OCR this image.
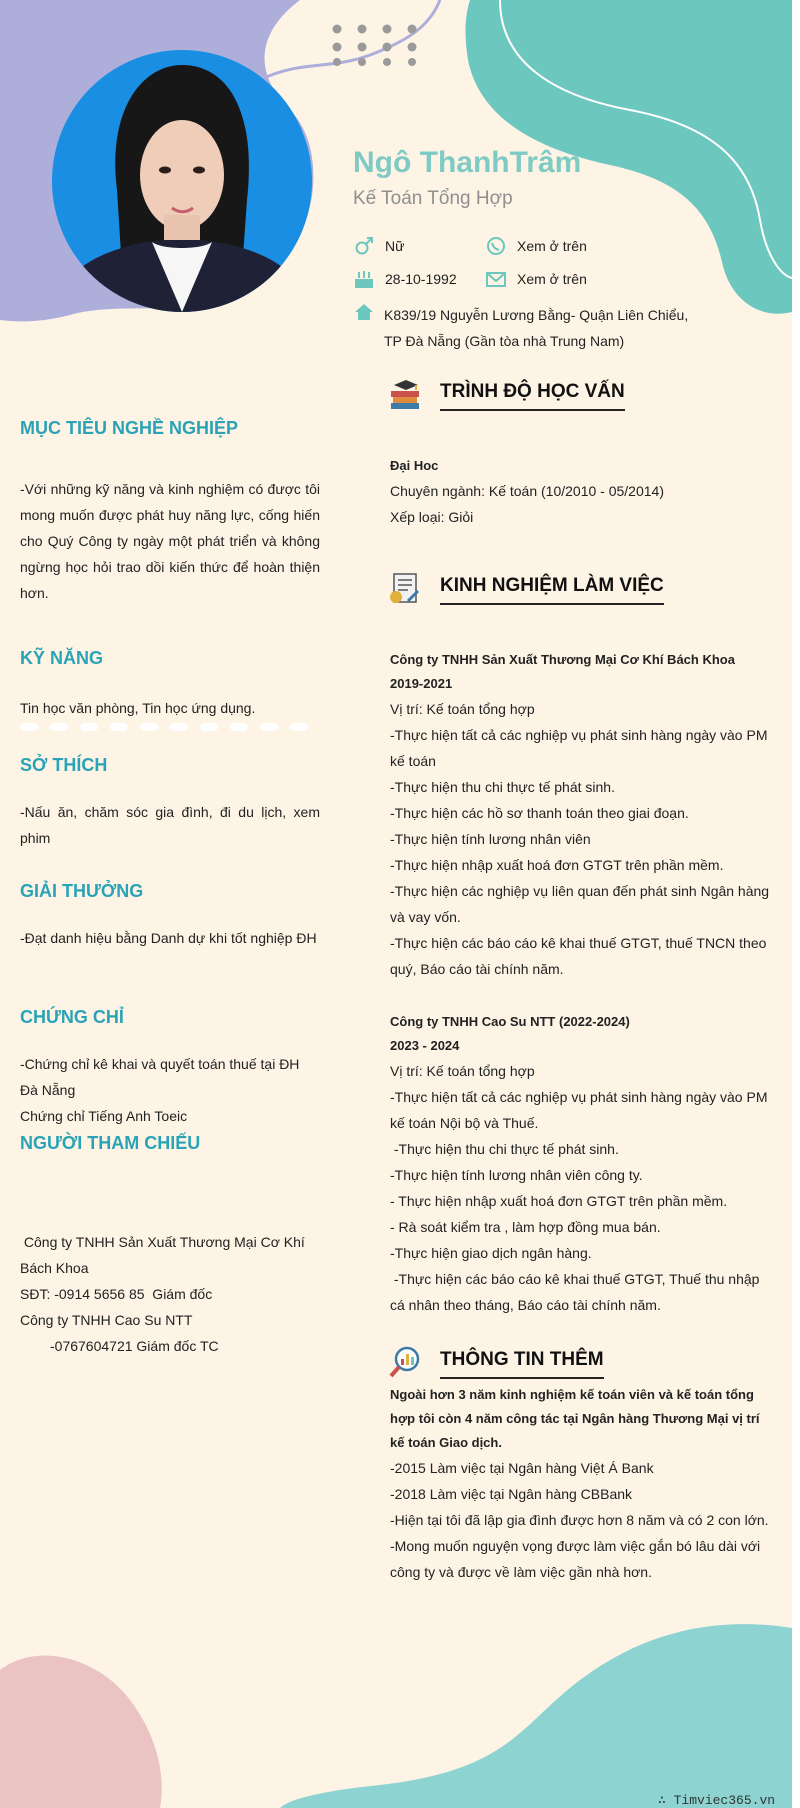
Ngô ThanhTrâm
Kế Toán Tổng Hợp
Nữ	Xem ở trên
28-10-1992	Xem ở trên
K839/19 Nguyễn Lương Bằng- Quận Liên Chiểu,
TP Đà Nẵng (Gần tòa nhà Trung Nam)
MỤC TIÊU NGHỀ NGHIỆP
-Với những kỹ năng và kinh nghiệm có được tôi mong muốn được phát huy năng lực, cống hiến cho Quý Công ty ngày một phát triển và không ngừng học hỏi trao dồi kiến thức để hoàn thiện hơn.
KỸ NĂNG
Tin học văn phòng, Tin học ứng dụng.
SỞ THÍCH
-Nấu ăn, chăm sóc gia đình, đi du lịch, xem phim
GIẢI THƯỞNG
-Đạt danh hiệu bằng Danh dự khi tốt nghiệp ĐH
CHỨNG CHỈ
-Chứng chỉ kê khai và quyết toán thuế tại ĐH Đà Nẵng
Chứng chỉ Tiếng Anh Toeic
NGƯỜI THAM CHIẾU
Công ty TNHH Sản Xuất Thương Mại Cơ Khí Bách Khoa
SĐT: -0914 5656 85  Giám đốc
Công ty TNHH Cao Su NTT
-0767604721 Giám đốc TC
TRÌNH ĐỘ HỌC VẤN
Đại Hoc
Chuyên ngành: Kế toán (10/2010 - 05/2014)
Xếp loại: Giỏi
KINH NGHIỆM LÀM VIỆC
Công ty TNHH Sản Xuất Thương Mại Cơ Khí Bách Khoa
2019-2021
Vị trí: Kế toán tổng hợp
-Thực hiện tất cả các nghiệp vụ phát sinh hàng ngày vào PM kế toán
-Thực hiện thu chi thực tế phát sinh.
-Thực hiện các hồ sơ thanh toán theo giai đoạn.
-Thực hiện tính lương nhân viên
-Thực hiện nhập xuất hoá đơn GTGT trên phần mềm.
-Thực hiện các nghiệp vụ liên quan đến phát sinh Ngân hàng và vay vốn.
-Thực hiện các báo cáo kê khai thuế GTGT, thuế TNCN theo quý, Báo cáo tài chính năm.
Công ty TNHH Cao Su NTT (2022-2024)
2023 - 2024
Vị trí: Kế toán tổng hợp
-Thực hiện tất cả các nghiệp vụ phát sinh hàng ngày vào PM kế toán Nội bộ và Thuế.
-Thực hiện thu chi thực tế phát sinh.
-Thực hiện tính lương nhân viên công ty.
- Thực hiện nhập xuất hoá đơn GTGT trên phần mềm.
- Rà soát kiểm tra , làm hợp đồng mua bán.
-Thực hiện giao dịch ngân hàng.
-Thực hiện các báo cáo kê khai thuế GTGT, Thuế thu nhập cá nhân theo tháng, Báo cáo tài chính năm.
THÔNG TIN THÊM
Ngoài hơn 3 năm kinh nghiệm kế toán viên và kế toán tổng hợp tôi còn 4 năm công tác tại Ngân hàng Thương Mại vị trí kế toán Giao dịch.
-2015 Làm việc tại Ngân hàng Việt Á Bank
-2018 Làm việc tại Ngân hàng CBBank
-Hiện tại tôi đã lập gia đình được hơn 8 năm và có 2 con lớn.
-Mong muốn nguyện vọng được làm việc gắn bó lâu dài với công ty và được về làm việc gần nhà hơn.
∴ Timviec365.vn
